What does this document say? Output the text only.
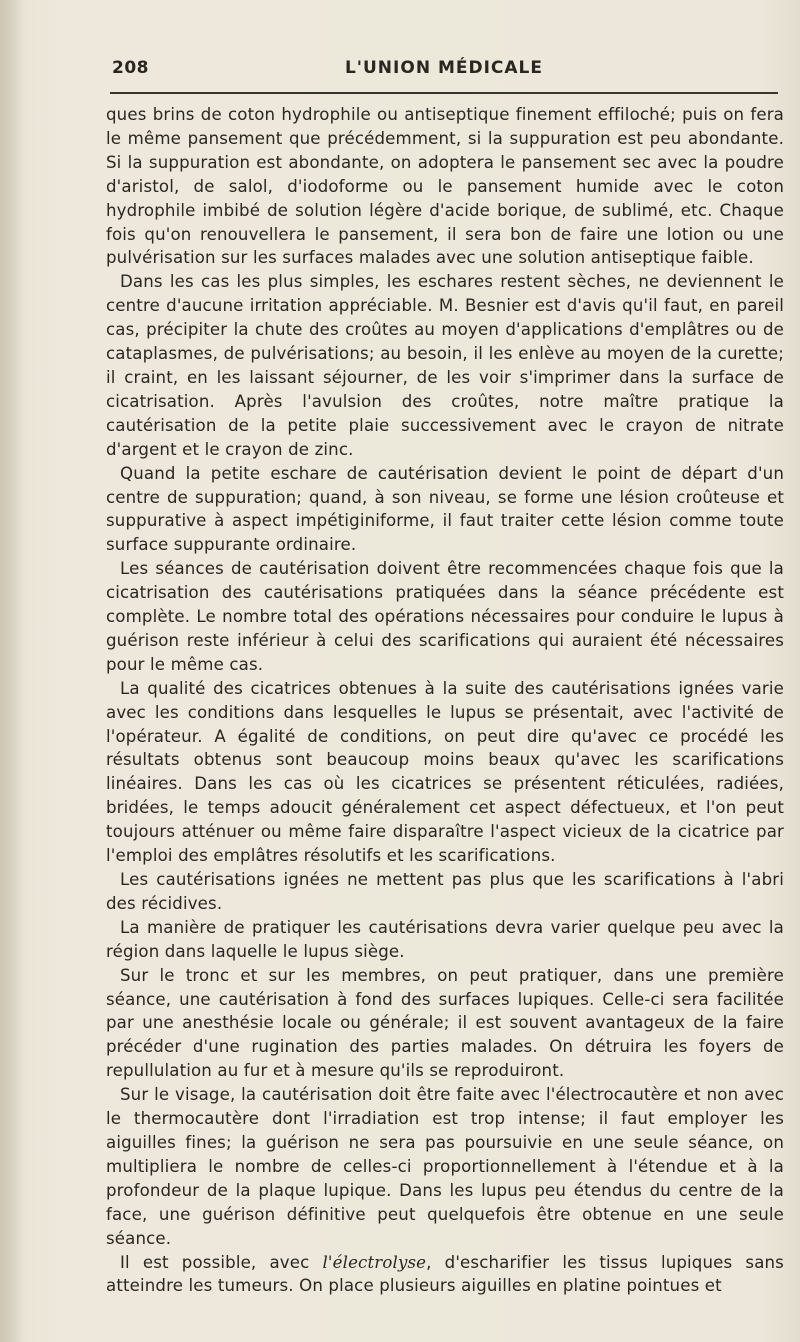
208	L'UNION MÉDICALE

ques brins de coton hydrophile ou antiseptique finement effiloché; puis on fera le même pansement que précédemment, si la suppuration est peu abondante. Si la suppuration est abondante, on adoptera le pansement sec avec la poudre d'aristol, de salol, d'iodoforme ou le pansement humide avec le coton hydrophile imbibé de solution légère d'acide borique, de sublimé, etc. Chaque fois qu'on renouvellera le pansement, il sera bon de faire une lotion ou une pulvérisation sur les surfaces malades avec une solution antiseptique faible.

Dans les cas les plus simples, les eschares restent sèches, ne deviennent le centre d'aucune irritation appréciable. M. Besnier est d'avis qu'il faut, en pareil cas, précipiter la chute des croûtes au moyen d'applications d'emplâtres ou de cataplasmes, de pulvérisations; au besoin, il les enlève au moyen de la curette; il craint, en les laissant séjourner, de les voir s'imprimer dans la surface de cicatrisation. Après l'avulsion des croûtes, notre maître pratique la cautérisation de la petite plaie successivement avec le crayon de nitrate d'argent et le crayon de zinc.

Quand la petite eschare de cautérisation devient le point de départ d'un centre de suppuration; quand, à son niveau, se forme une lésion croûteuse et suppurative à aspect impétiginiforme, il faut traiter cette lésion comme toute surface suppurante ordinaire.

Les séances de cautérisation doivent être recommencées chaque fois que la cicatrisation des cautérisations pratiquées dans la séance précédente est complète. Le nombre total des opérations nécessaires pour conduire le lupus à guérison reste inférieur à celui des scarifications qui auraient été nécessaires pour le même cas.

La qualité des cicatrices obtenues à la suite des cautérisations ignées varie avec les conditions dans lesquelles le lupus se présentait, avec l'activité de l'opérateur. A égalité de conditions, on peut dire qu'avec ce procédé les résultats obtenus sont beaucoup moins beaux qu'avec les scarifications linéaires. Dans les cas où les cicatrices se présentent réticulées, radiées, bridées, le temps adoucit généralement cet aspect défectueux, et l'on peut toujours atténuer ou même faire disparaître l'aspect vicieux de la cicatrice par l'emploi des emplâtres résolutifs et les scarifications.

Les cautérisations ignées ne mettent pas plus que les scarifications à l'abri des récidives.

La manière de pratiquer les cautérisations devra varier quelque peu avec la région dans laquelle le lupus siège.

Sur le tronc et sur les membres, on peut pratiquer, dans une première séance, une cautérisation à fond des surfaces lupiques. Celle-ci sera facilitée par une anesthésie locale ou générale; il est souvent avantageux de la faire précéder d'une rugination des parties malades. On détruira les foyers de repullulation au fur et à mesure qu'ils se reproduiront.

Sur le visage, la cautérisation doit être faite avec l'électrocautère et non avec le thermocautère dont l'irradiation est trop intense; il faut employer les aiguilles fines; la guérison ne sera pas poursuivie en une seule séance, on multipliera le nombre de celles-ci proportionnellement à l'étendue et à la profondeur de la plaque lupique. Dans les lupus peu étendus du centre de la face, une guérison définitive peut quelquefois être obtenue en une seule séance.

Il est possible, avec l'électrolyse, d'escharifier les tissus lupiques sans atteindre les tumeurs. On place plusieurs aiguilles en platine pointues et
